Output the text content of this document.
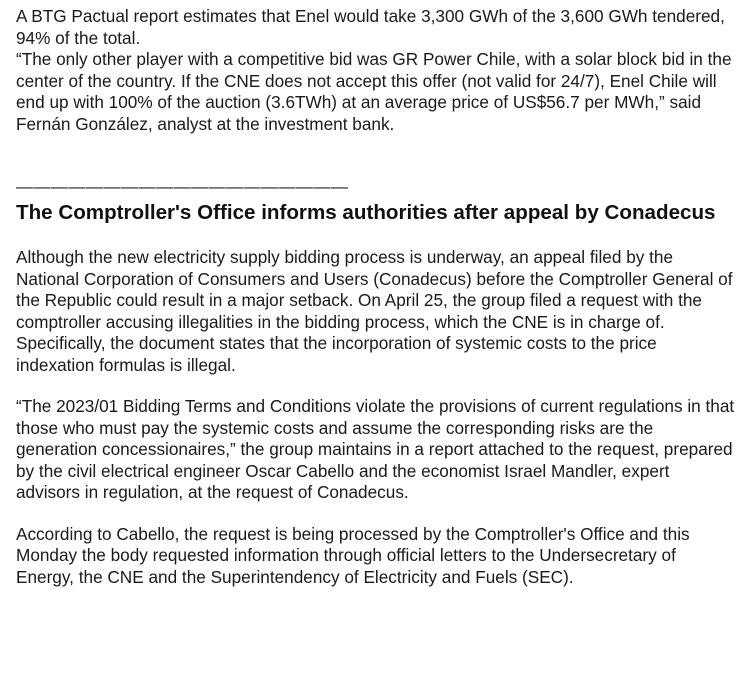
A BTG Pactual report estimates that Enel would take 3,300 GWh of the 3,600 GWh tendered, 94% of the total.

“The only other player with a competitive bid was GR Power Chile, with a solar block bid in the center of the country. If the CNE does not accept this offer (not valid for 24/7), Enel Chile will end up with 100% of the auction (3.6TWh) at an average price of US$56.7 per MWh,” said Fernán González, analyst at the investment bank.

———————————————————

The Comptroller's Office informs authorities after appeal by Conadecus

Although the new electricity supply bidding process is underway, an appeal filed by the National Corporation of Consumers and Users (Conadecus) before the Comptroller General of the Republic could result in a major setback. On April 25, the group filed a request with the comptroller accusing illegalities in the bidding process, which the CNE is in charge of. Specifically, the document states that the incorporation of systemic costs to the price indexation formulas is illegal.

“The 2023/01 Bidding Terms and Conditions violate the provisions of current regulations in that those who must pay the systemic costs and assume the corresponding risks are the generation concessionaires,” the group maintains in a report attached to the request, prepared by the civil electrical engineer Oscar Cabello and the economist Israel Mandler, expert advisors in regulation, at the request of Conadecus.

According to Cabello, the request is being processed by the Comptroller's Office and this Monday the body requested information through official letters to the Undersecretary of Energy, the CNE and the Superintendency of Electricity and Fuels (SEC).
